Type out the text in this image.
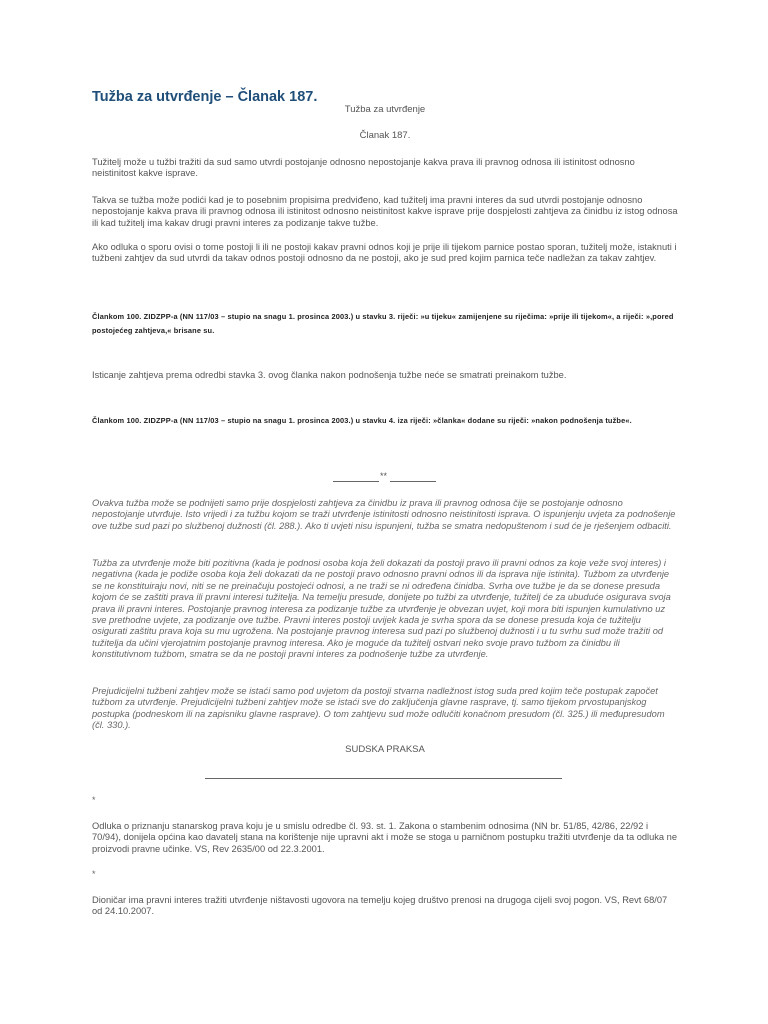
Tužba za utvrđenje – Članak 187.
Tužba za utvrđenje
Članak 187.

Tužitelj može u tužbi tražiti da sud samo utvrdi postojanje odnosno nepostojanje kakva prava ili pravnog odnosa ili istinitost odnosno neistinitost kakve isprave.

Takva se tužba može podići kad je to posebnim propisima predviđeno, kad tužitelj ima pravni interes da sud utvrdi postojanje odnosno nepostojanje kakva prava ili pravnog odnosa ili istinitost odnosno neistinitost kakve isprave prije dospjelosti zahtjeva za činidbu iz istog odnosa ili kad tužitelj ima kakav drugi pravni interes za podizanje takve tužbe.

Ako odluka o sporu ovisi o tome postoji li ili ne postoji kakav pravni odnos koji je prije ili tijekom parnice postao sporan, tužitelj može, istaknuti i tužbeni zahtjev da sud utvrdi da takav odnos postoji odnosno da ne postoji, ako je sud pred kojim parnica teče nadležan za takav zahtjev.

Člankom 100. ZIDZPP-a (NN 117/03 – stupio na snagu 1. prosinca 2003.) u stavku 3. riječi: »u tijeku« zamijenjene su riječima: »prije ili tijekom«, a riječi: »,pored postojećeg zahtjeva,« brisane su.

Isticanje zahtjeva prema odredbi stavka 3. ovog članka nakon podnošenja tužbe neće se smatrati preinakom tužbe.

Člankom 100. ZIDZPP-a (NN 117/03 – stupio na snagu 1. prosinca 2003.) u stavku 4. iza riječi: »članka« dodane su riječi: »nakon podnošenja tužbe«.

**

Ovakva tužba može se podnijeti samo prije dospjelosti zahtjeva za činidbu iz prava ili pravnog odnosa čije se postojanje odnosno nepostojanje utvrđuje. Isto vrijedi i za tužbu kojom se traži utvrđenje istinitosti odnosno neistinitosti isprava. O ispunjenju uvjeta za podnošenje ove tužbe sud pazi po službenoj dužnosti (čl. 288.). Ako ti uvjeti nisu ispunjeni, tužba se smatra nedopuštenom i sud će je rješenjem odbaciti.

Tužba za utvrđenje može biti pozitivna (kada je podnosi osoba koja želi dokazati da postoji pravo ili pravni odnos za koje veže svoj interes) i negativna (kada je podiže osoba koja želi dokazati da ne postoji pravo odnosno pravni odnos ili da isprava nije istinita). Tužbom za utvrđenje se ne konstituiraju novi, niti se ne preinačuju postojeći odnosi, a ne traži se ni određena činidba. Svrha ove tužbe je da se donese presuda kojom će se zaštiti prava ili pravni interesi tužitelja. Na temelju presude, donijete po tužbi za utvrđenje, tužitelj će za ubuduće osigurava svoja prava ili pravni interes. Postojanje pravnog interesa za podizanje tužbe za utvrđenje je obvezan uvjet, koji mora biti ispunjen kumulativno uz sve prethodne uvjete, za podizanje ove tužbe. Pravni interes postoji uvijek kada je svrha spora da se donese presuda koja će tužitelju osigurati zaštitu prava koja su mu ugrožena. Na postojanje pravnog interesa sud pazi po službenoj dužnosti i u tu svrhu sud može tražiti od tužitelja da učini vjerojatnim postojanje pravnog interesa. Ako je moguće da tužitelj ostvari neko svoje pravo tužbom za činidbu ili konstitutivnom tužbom, smatra se da ne postoji pravni interes za podnošenje tužbe za utvrđenje.

Prejudicijelni tužbeni zahtjev može se istaći samo pod uvjetom da postoji stvarna nadležnost istog suda pred kojim teče postupak započet tužbom za utvrđenje. Prejudicijelni tužbeni zahtjev može se istaći sve do zaključenja glavne rasprave, tj. samo tijekom prvostupanjskog postupka (podneskom ili na zapisniku glavne rasprave). O tom zahtjevu sud može odlučiti konačnom presudom (čl. 325.) ili međupresudom (čl. 330.).

SUDSKA PRAKSA
*

Odluka o priznanju stanarskog prava koju je u smislu odredbe čl. 93. st. 1. Zakona o stambenim odnosima (NN br. 51/85, 42/86, 22/92 i 70/94), donijela općina kao davatelj stana na korištenje nije upravni akt i može se stoga u parničnom postupku tražiti utvrđenje da ta odluka ne proizvodi pravne učinke. VS, Rev 2635/00 od 22.3.2001.

*

Dioničar ima pravni interes tražiti utvrđenje ništavosti ugovora na temelju kojeg društvo prenosi na drugoga cijeli svoj pogon. VS, Revt 68/07 od 24.10.2007.
